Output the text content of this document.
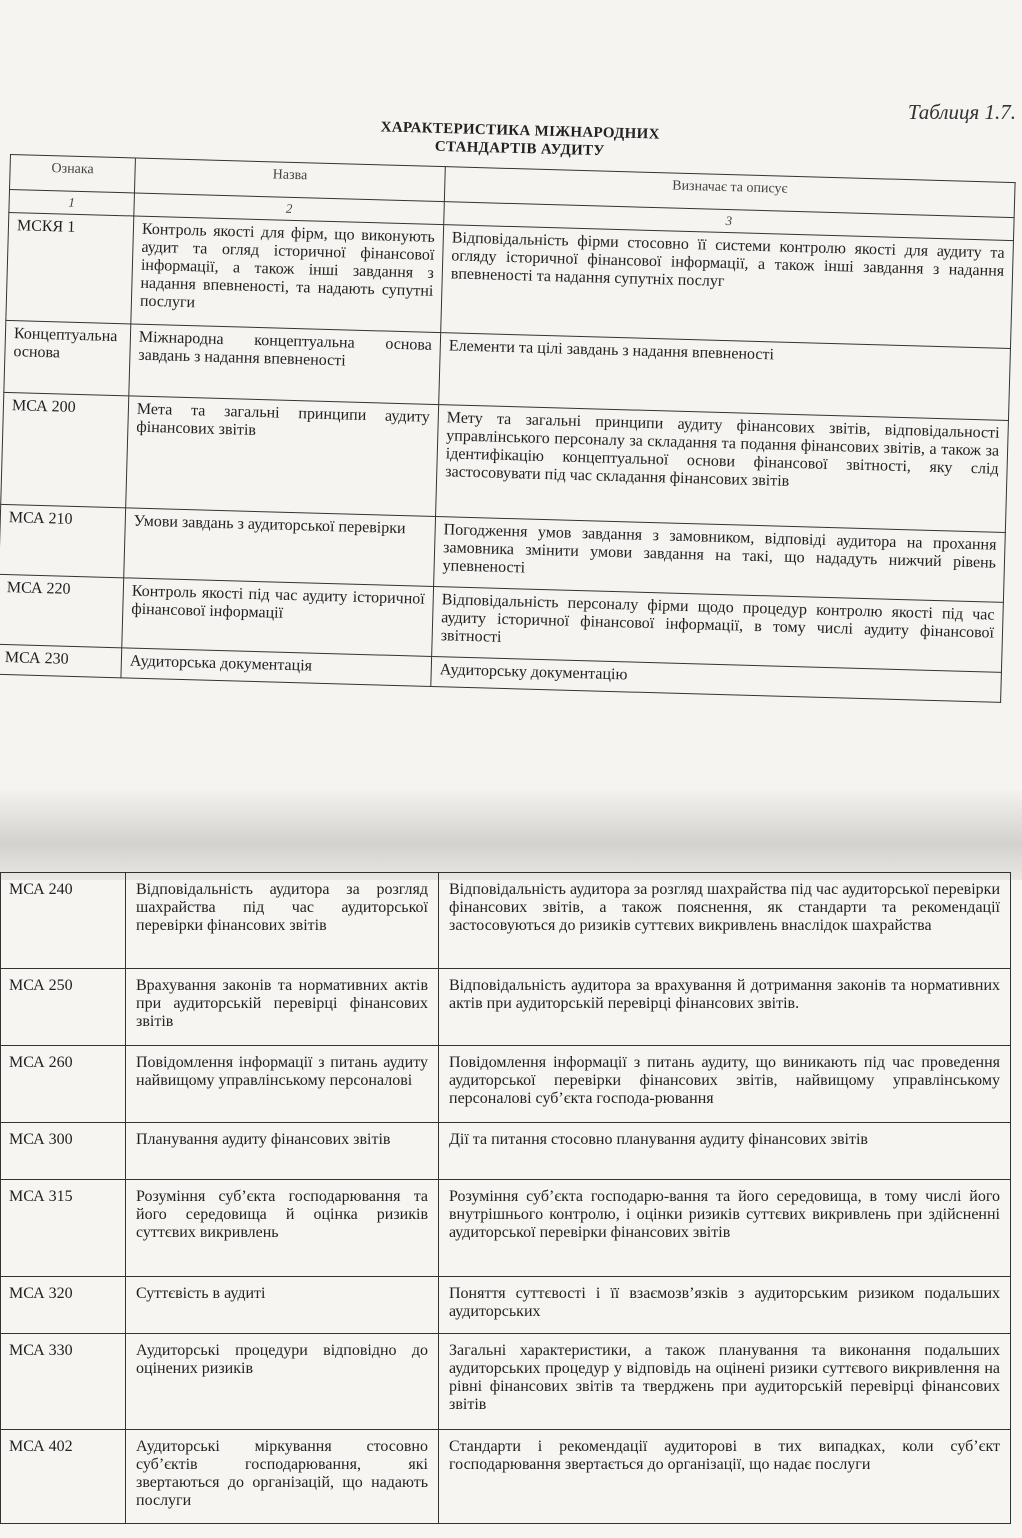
Таблиця 1.7.
ХАРАКТЕРИСТИКА МІЖНАРОДНИХ
СТАНДАРТІВ АУДИТУ
Ознака	Назва	Визначає та описує
1	2	3
МСКЯ 1	Контроль якості для фірм, що виконують аудит та огляд історичної фінансової інформації, а також інші завдання з надання впевненості, та надають супутні послуги	Відповідальність фірми стосовно її системи контролю якості для аудиту та огляду історичної фінансової інформації, а також інші завдання з надання впевненості та надання супутніх послуг
Концептуальна основа	Міжнародна концептуальна основа завдань з надання впевненості	Елементи та цілі завдань з надання впевненості
МСА 200	Мета та загальні принципи аудиту фінансових звітів	Мету та загальні принципи аудиту фінансових звітів, відповідальності управлінського персоналу за складання та подання фінансових звітів, а також за ідентифікацію концептуальної основи фінансової звітності, яку слід застосовувати під час складання фінансових звітів
МСА 210	Умови завдань з аудиторської перевірки	Погодження умов завдання з замовником, відповіді аудитора на прохання замовника змінити умови завдання на такі, що нададуть нижчий рівень упевненості
МСА 220	Контроль якості під час аудиту історичної фінансової інформації	Відповідальність персоналу фірми щодо процедур контролю якості під час аудиту історичної фінансової інформації, в тому числі аудиту фінансової звітності
МСА 230	Аудиторська документація	Аудиторську документацію
МСА 240	Відповідальність аудитора за розгляд шахрайства під час аудиторської перевірки фінансових звітів	Відповідальність аудитора за розгляд шахрайства під час аудиторської перевірки фінансових звітів, а також пояснення, як стандарти та рекомендації застосовуються до ризиків суттєвих викривлень внаслідок шахрайства
МСА 250	Врахування законів та нормативних актів при аудиторській перевірці фінансових звітів	Відповідальність аудитора за врахування й дотримання законів та нормативних актів при аудиторській перевірці фінансових звітів.
МСА 260	Повідомлення інформації з питань аудиту найвищому управлінському персоналові	Повідомлення інформації з питань аудиту, що виникають під час проведення аудиторської перевірки фінансових звітів, найвищому управлінському персоналові суб’єкта господа-рювання
МСА 300	Планування аудиту фінансових звітів	Дії та питання стосовно планування аудиту фінансових звітів
МСА 315	Розуміння суб’єкта господарювання та його середовища й оцінка ризиків суттєвих викривлень	Розуміння суб’єкта господарю-вання та його середовища, в тому числі його внутрішнього контролю, і оцінки ризиків суттєвих викривлень при здійсненні аудиторської перевірки фінансових звітів
МСА 320	Суттєвість в аудиті	Поняття суттєвості і її взаємозв’язків з аудиторським ризиком подальших аудиторських
МСА 330	Аудиторські процедури відповідно до оцінених ризиків	Загальні характеристики, а також планування та виконання подальших аудиторських процедур у відповідь на оцінені ризики суттєвого викривлення на рівні фінансових звітів та тверджень при аудиторській перевірці фінансових звітів
МСА 402	Аудиторські міркування стосовно суб’єктів господарювання, які звертаються до організацій, що надають послуги	Стандарти і рекомендації аудиторові в тих випадках, коли суб’єкт господарювання звертається до організації, що надає послуги
